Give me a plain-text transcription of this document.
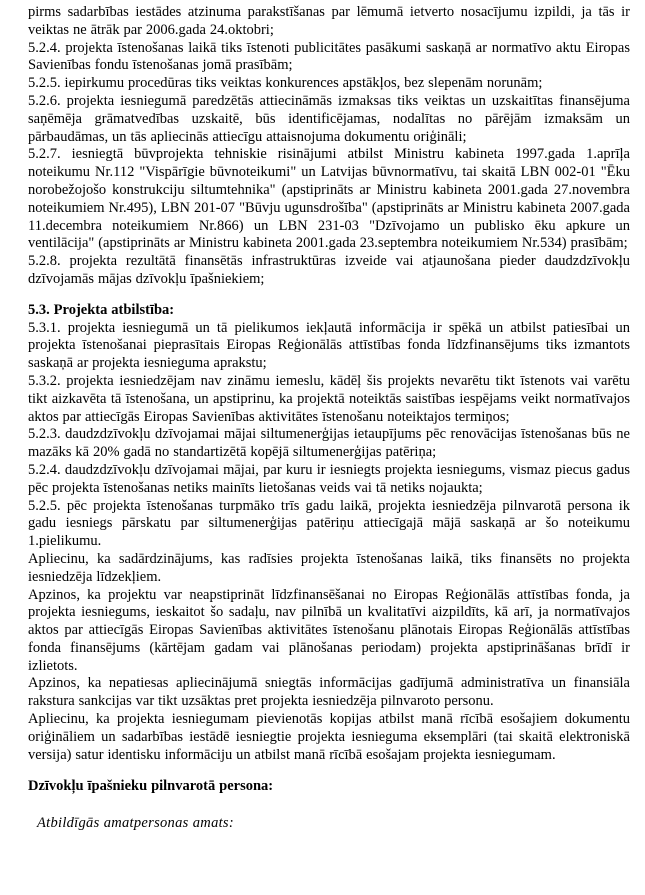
pirms sadarbības iestādes atzinuma parakstīšanas par lēmumā ietverto nosacījumu izpildi, ja tās ir veiktas ne ātrāk par 2006.gada 24.oktobri;

5.2.4. projekta īstenošanas laikā tiks īstenoti publicitātes pasākumi saskaņā ar normatīvo aktu Eiropas Savienības fondu īstenošanas jomā prasībām;

5.2.5. iepirkumu procedūras tiks veiktas konkurences apstākļos, bez slepenām norunām;

5.2.6. projekta iesniegumā paredzētās attiecināmās izmaksas tiks veiktas un uzskaitītas finansējuma saņēmēja grāmatvedības uzskaitē, būs identificējamas, nodalītas no pārējām izmaksām un pārbaudāmas, un tās apliecinās attiecīgu attaisnojuma dokumentu oriģināli;

5.2.7. iesniegtā būvprojekta tehniskie risinājumi atbilst Ministru kabineta 1997.gada 1.aprīļa noteikumu Nr.112 "Vispārīgie būvnoteikumi" un Latvijas būvnormatīvu, tai skaitā LBN 002-01 "Ēku norobežojošo konstrukciju siltumtehnika" (apstiprināts ar Ministru kabineta 2001.gada 27.novembra noteikumiem Nr.495), LBN 201-07 "Būvju ugunsdrošība" (apstiprināts ar Ministru kabineta 2007.gada 11.decembra noteikumiem Nr.866) un LBN 231-03 "Dzīvojamo un publisko ēku apkure un ventilācija" (apstiprināts ar Ministru kabineta 2001.gada 23.septembra noteikumiem Nr.534) prasībām;

5.2.8. projekta rezultātā finansētās infrastruktūras izveide vai atjaunošana pieder daudzdzīvokļu dzīvojamās mājas dzīvokļu īpašniekiem;

5.3. Projekta atbilstība:

5.3.1. projekta iesniegumā un tā pielikumos iekļautā informācija ir spēkā un atbilst patiesībai un projekta īstenošanai pieprasītais Eiropas Reģionālās attīstības fonda līdzfinansējums tiks izmantots saskaņā ar projekta iesnieguma aprakstu;

5.3.2. projekta iesniedzējam nav zināmu iemeslu, kādēļ šis projekts nevarētu tikt īstenots vai varētu tikt aizkavēta tā īstenošana, un apstiprinu, ka projektā noteiktās saistības iespējams veikt normatīvajos aktos par attiecīgās Eiropas Savienības aktivitātes īstenošanu noteiktajos termiņos;

5.2.3. daudzdzīvokļu dzīvojamai mājai siltumenerģijas ietaupījums pēc renovācijas īstenošanas būs ne mazāks kā 20% gadā no standartizētā kopējā siltumenerģijas patēriņa;

5.2.4. daudzdzīvokļu dzīvojamai mājai, par kuru ir iesniegts projekta iesniegums, vismaz piecus gadus pēc projekta īstenošanas netiks mainīts lietošanas veids vai tā netiks nojaukta;

5.2.5. pēc projekta īstenošanas turpmāko trīs gadu laikā, projekta iesniedzēja pilnvarotā persona ik gadu iesniegs pārskatu par siltumenerģijas patēriņu attiecīgajā mājā saskaņā ar šo noteikumu 1.pielikumu.

Apliecinu, ka sadārdzinājums, kas radīsies projekta īstenošanas laikā, tiks finansēts no projekta iesniedzēja līdzekļiem.

Apzinos, ka projektu var neapstiprināt līdzfinansēšanai no Eiropas Reģionālās attīstības fonda, ja projekta iesniegums, ieskaitot šo sadaļu, nav pilnībā un kvalitatīvi aizpildīts, kā arī, ja normatīvajos aktos par attiecīgās Eiropas Savienības aktivitātes īstenošanu plānotais Eiropas Reģionālās attīstības fonda finansējums (kārtējam gadam vai plānošanas periodam) projekta apstiprināšanas brīdī ir izlietots.

Apzinos, ka nepatiesas apliecinājumā sniegtās informācijas gadījumā administratīva un finansiāla rakstura sankcijas var tikt uzsāktas pret projekta iesniedzēja pilnvaroto personu.

Apliecinu, ka projekta iesniegumam pievienotās kopijas atbilst manā rīcībā esošajiem dokumentu oriģināliem un sadarbības iestādē iesniegtie projekta iesnieguma eksemplāri (tai skaitā elektroniskā versija) satur identisku informāciju un atbilst manā rīcībā esošajam projekta iesniegumam.

Dzīvokļu īpašnieku pilnvarotā persona:

Atbildīgās amatpersonas amats:
